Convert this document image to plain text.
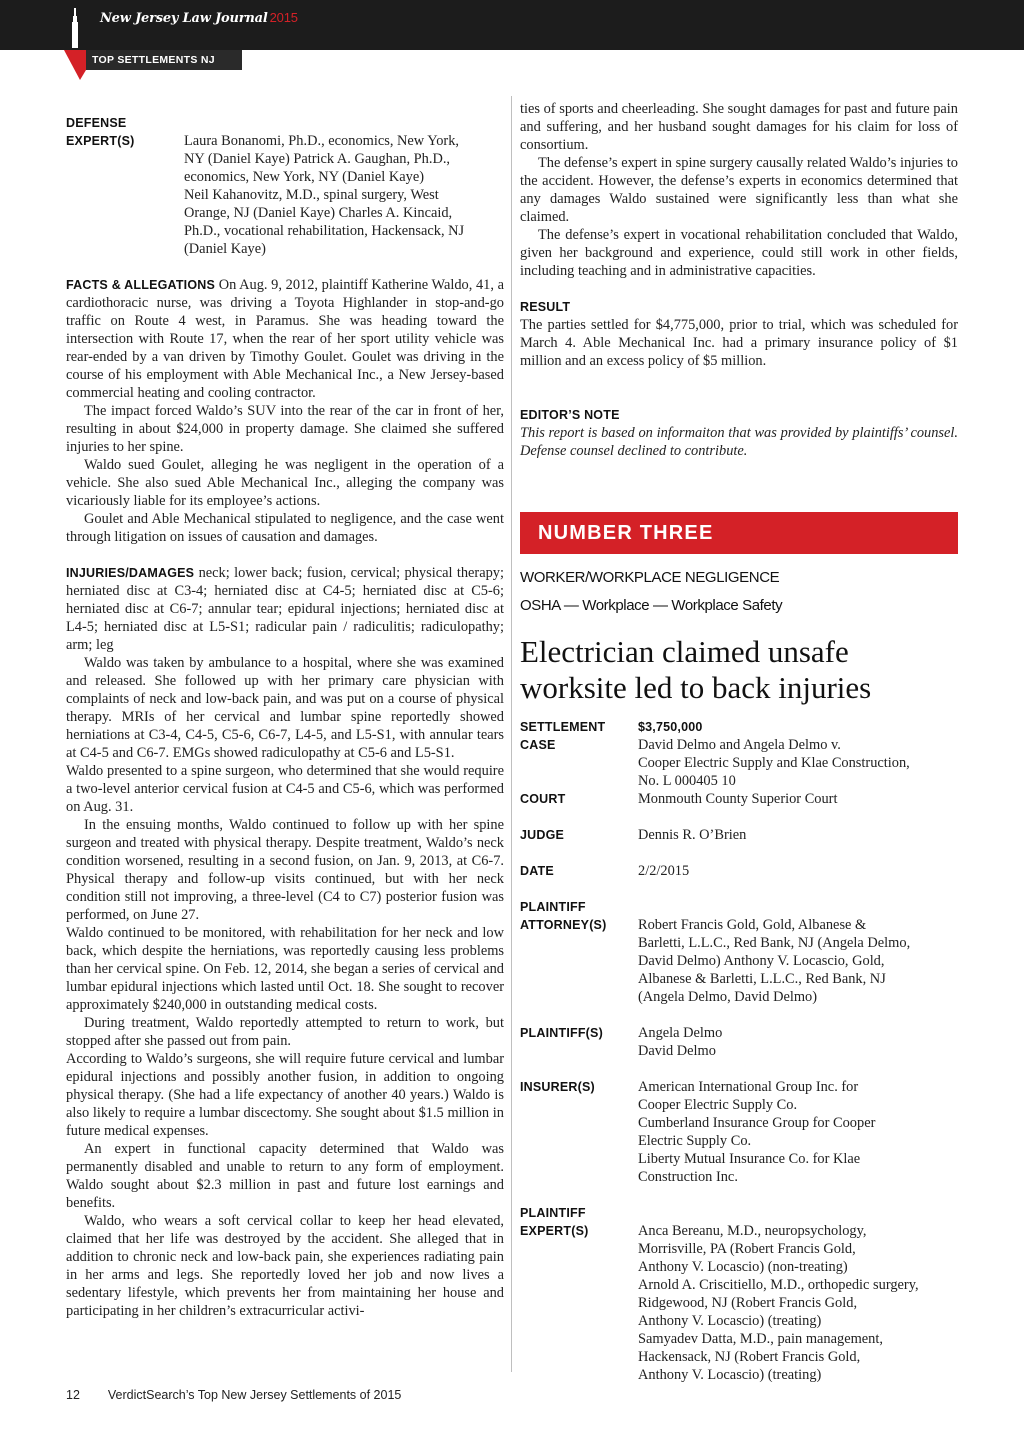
New Jersey Law Journal 2015
TOP SETTLEMENTS NJ
DEFENSE
EXPERT(S)	Laura Bonanomi, Ph.D., economics, New York,
NY (Daniel Kaye) Patrick A. Gaughan, Ph.D.,
economics, New York, NY (Daniel Kaye)
Neil Kahanovitz, M.D., spinal surgery, West
Orange, NJ (Daniel Kaye) Charles A. Kincaid,
Ph.D., vocational rehabilitation, Hackensack, NJ
(Daniel Kaye)

FACTS & ALLEGATIONS On Aug. 9, 2012, plaintiff Katherine Waldo, 41, a cardiothoracic nurse, was driving a Toyota Highlander in stop-and-go traffic on Route 4 west, in Paramus. She was heading toward the intersection with Route 17, when the rear of her sport utility vehicle was rear-ended by a van driven by Timothy Goulet. Goulet was driving in the course of his employment with Able Mechanical Inc., a New Jersey-based commercial heating and cooling contractor.

The impact forced Waldo’s SUV into the rear of the car in front of her, resulting in about $24,000 in property damage. She claimed she suffered injuries to her spine.

Waldo sued Goulet, alleging he was negligent in the operation of a vehicle. She also sued Able Mechanical Inc., alleging the company was vicariously liable for its employee’s actions.

Goulet and Able Mechanical stipulated to negligence, and the case went through litigation on issues of causation and damages.

INJURIES/DAMAGES neck; lower back; fusion, cervical; physical therapy; herniated disc at C3-4; herniated disc at C4-5; herniated disc at C5-6; herniated disc at C6-7; annular tear; epidural injections; herniated disc at L4-5; herniated disc at L5-S1; radicular pain / radiculitis; radiculopathy; arm; leg

Waldo was taken by ambulance to a hospital, where she was examined and released. She followed up with her primary care physician with complaints of neck and low-back pain, and was put on a course of physical therapy. MRIs of her cervical and lumbar spine reportedly showed herniations at C3-4, C4-5, C5-6, C6-7, L4-5, and L5-S1, with annular tears at C4-5 and C6-7. EMGs showed radiculopathy at C5-6 and L5-S1.

Waldo presented to a spine surgeon, who determined that she would require a two-level anterior cervical fusion at C4-5 and C5-6, which was performed on Aug. 31.

In the ensuing months, Waldo continued to follow up with her spine surgeon and treated with physical therapy. Despite treatment, Waldo’s neck condition worsened, resulting in a second fusion, on Jan. 9, 2013, at C6-7. Physical therapy and follow-up visits continued, but with her neck condition still not improving, a three-level (C4 to C7) posterior fusion was performed, on June 27.

Waldo continued to be monitored, with rehabilitation for her neck and low back, which despite the herniations, was reportedly causing less problems than her cervical spine. On Feb. 12, 2014, she began a series of cervical and lumbar epidural injections which lasted until Oct. 18. She sought to recover approximately $240,000 in outstanding medical costs.

During treatment, Waldo reportedly attempted to return to work, but stopped after she passed out from pain.

According to Waldo’s surgeons, she will require future cervical and lumbar epidural injections and possibly another fusion, in addition to ongoing physical therapy. (She had a life expectancy of another 40 years.) Waldo is also likely to require a lumbar discectomy. She sought about $1.5 million in future medical expenses.

An expert in functional capacity determined that Waldo was permanently disabled and unable to return to any form of employment. Waldo sought about $2.3 million in past and future lost earnings and benefits.

Waldo, who wears a soft cervical collar to keep her head elevated, claimed that her life was destroyed by the accident. She alleged that in addition to chronic neck and low-back pain, she experiences radiating pain in her arms and legs. She reportedly loved her job and now lives a sedentary lifestyle, which prevents her from maintaining her house and participating in her children’s extracurricular activi-

ties of sports and cheerleading. She sought damages for past and future pain and suffering, and her husband sought damages for his claim for loss of consortium.

The defense’s expert in spine surgery causally related Waldo’s injuries to the accident. However, the defense’s experts in economics determined that any damages Waldo sustained were significantly less than what she claimed.

The defense’s expert in vocational rehabilitation concluded that Waldo, given her background and experience, could still work in other fields, including teaching and in administrative capacities.

RESULT

The parties settled for $4,775,000, prior to trial, which was scheduled for March 4. Able Mechanical Inc. had a primary insurance policy of $1 million and an excess policy of $5 million.

EDITOR’S NOTE

This report is based on informaiton that was provided by plaintiffs’ counsel. Defense counsel declined to contribute.

NUMBER THREE
WORKER/WORKPLACE NEGLIGENCE
OSHA — Workplace — Workplace Safety
Electrician claimed unsafe
worksite led to back injuries
SETTLEMENT	$3,750,000
CASE	David Delmo and Angela Delmo v.
Cooper Electric Supply and Klae Construction,
No. L 000405 10
COURT	Monmouth County Superior Court
JUDGE	Dennis R. O’Brien
DATE	2/2/2015
PLAINTIFF
ATTORNEY(S)	Robert Francis Gold, Gold, Albanese &
Barletti, L.L.C., Red Bank, NJ (Angela Delmo,
David Delmo) Anthony V. Locascio, Gold,
Albanese & Barletti, L.L.C., Red Bank, NJ
(Angela Delmo, David Delmo)
PLAINTIFF(S)	Angela Delmo
David Delmo
INSURER(S)	American International Group Inc. for
Cooper Electric Supply Co.
Cumberland Insurance Group for Cooper
Electric Supply Co.
Liberty Mutual Insurance Co. for Klae
Construction Inc.
PLAINTIFF
EXPERT(S)	Anca Bereanu, M.D., neuropsychology,
Morrisville, PA (Robert Francis Gold,
Anthony V. Locascio) (non-treating)
Arnold A. Criscitiello, M.D., orthopedic surgery,
Ridgewood, NJ (Robert Francis Gold,
Anthony V. Locascio) (treating)
Samyadev Datta, M.D., pain management,
Hackensack, NJ (Robert Francis Gold,
Anthony V. Locascio) (treating)
12 VerdictSearch’s Top New Jersey Settlements of 2015
